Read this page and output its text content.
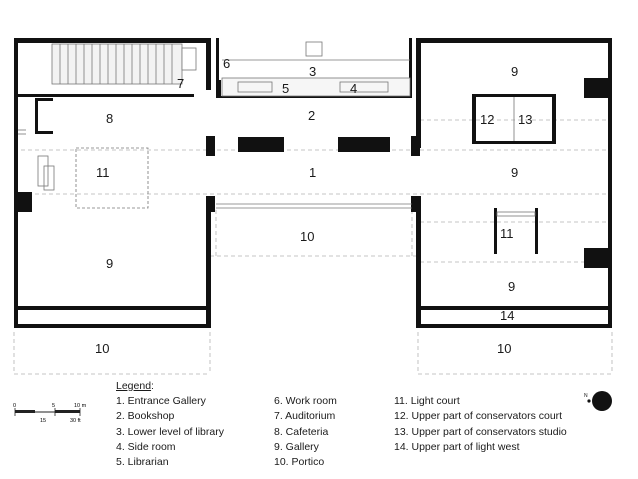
7
6
3
5	4
9
8	2	12 13
11	1	9
10	11
9
9
14
10	10
0	5	10 m
15	30 ft
N
Legend:
1. Entrance Gallery
2. Bookshop
3. Lower level of library
4. Side room
5. Librarian
6. Work room
7. Auditorium
8. Cafeteria
9. Gallery
10. Portico
11. Light court
12. Upper part of conservators court
13. Upper part of conservators studio
14. Upper part of light west
